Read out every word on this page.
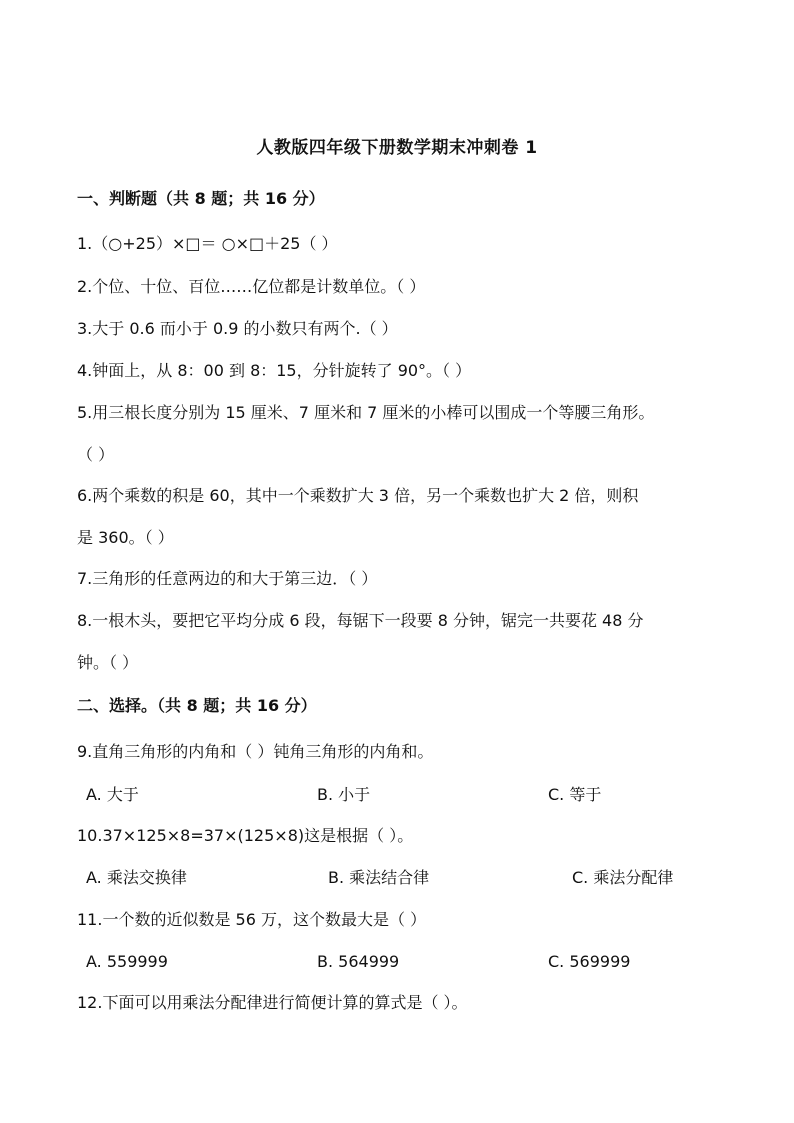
人教版四年级下册数学期末冲刺卷 1
一、判断题（共 8 题；共 16 分）
1.（○+25）×□＝ ○×□＋25（ ）
2.个位、十位、百位……亿位都是计数单位。（ ）
3.大于 0.6 而小于 0.9 的小数只有两个.（ ）
4.钟面上，从 8：00 到 8：15，分针旋转了 90°。（ ）
5.用三根长度分别为 15 厘米、7 厘米和 7 厘米的小棒可以围成一个等腰三角形。
（ ）
6.两个乘数的积是 60，其中一个乘数扩大 3 倍，另一个乘数也扩大 2 倍，则积
是 360。（ ）
7.三角形的任意两边的和大于第三边．（ ）
8.一根木头，要把它平均分成 6 段，每锯下一段要 8 分钟，锯完一共要花 48 分
钟。（ ）
二、选择。（共 8 题；共 16 分）
9.直角三角形的内角和（ ）钝角三角形的内角和。
A. 大于	B. 小于	C. 等于
10.37×125×8=37×(125×8)这是根据（ ）。
A. 乘法交换律	B. 乘法结合律	C. 乘法分配律
11.一个数的近似数是 56 万，这个数最大是（ ）
A. 559999	B. 564999	C. 569999
12.下面可以用乘法分配律进行简便计算的算式是（ ）。
